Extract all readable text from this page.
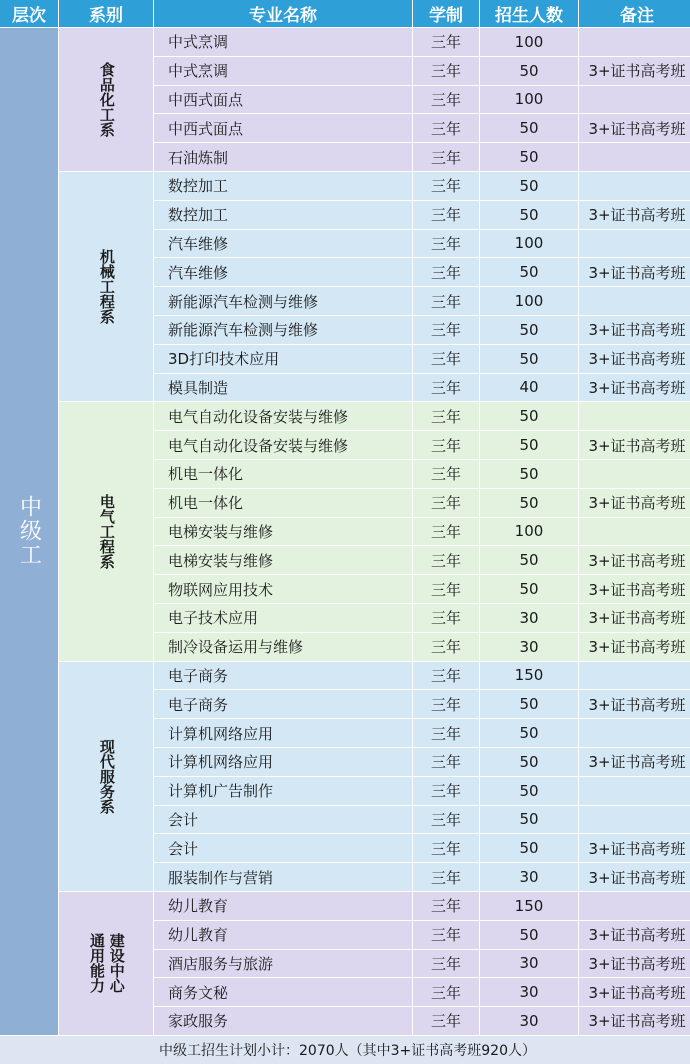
层次	系别	专业名称	学制	招生人数	备注
中级工
食品化工系
中式烹调	三年	100
中式烹调	三年	50	3+证书高考班
中西式面点	三年	100
中西式面点	三年	50	3+证书高考班
石油炼制	三年	50
机械工程系
数控加工	三年	50
数控加工	三年	50	3+证书高考班
汽车维修	三年	100
汽车维修	三年	50	3+证书高考班
新能源汽车检测与维修	三年	100
新能源汽车检测与维修	三年	50	3+证书高考班
3D打印技术应用	三年	50	3+证书高考班
模具制造	三年	40	3+证书高考班
电气工程系
电气自动化设备安装与维修	三年	50
电气自动化设备安装与维修	三年	50	3+证书高考班
机电一体化	三年	50
机电一体化	三年	50	3+证书高考班
电梯安装与维修	三年	100
电梯安装与维修	三年	50	3+证书高考班
物联网应用技术	三年	50	3+证书高考班
电子技术应用	三年	30	3+证书高考班
制冷设备运用与维修	三年	30	3+证书高考班
现代服务系
电子商务	三年	150
电子商务	三年	50	3+证书高考班
计算机网络应用	三年	50
计算机网络应用	三年	50	3+证书高考班
计算机广告制作	三年	50
会计	三年	50
会计	三年	50	3+证书高考班
服装制作与营销	三年	30	3+证书高考班
建设中心
通用能力
幼儿教育	三年	150
幼儿教育	三年	50	3+证书高考班
酒店服务与旅游	三年	30	3+证书高考班
商务文秘	三年	30	3+证书高考班
家政服务	三年	30	3+证书高考班
中级工招生计划小计：2070人（其中3+证书高考班920人）
